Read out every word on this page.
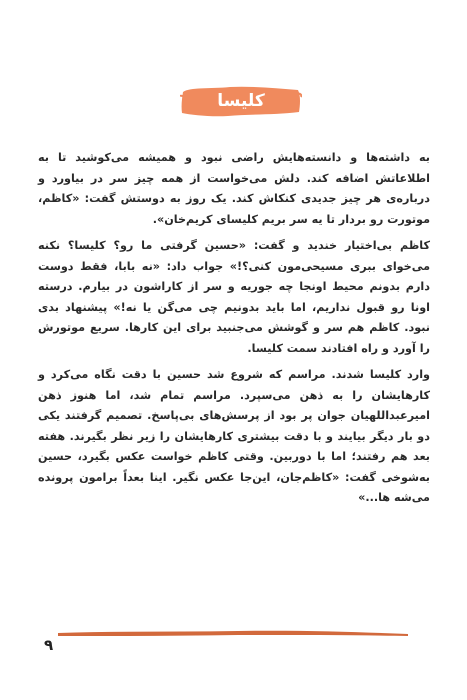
کلیسا

به داشته‌ها و دانسته‌هایش راضی نبود و همیشه می‌کوشید تا به اطلاعاتش اضافه کند. دلش می‌خواست از همه چیز سر در بیاورد و درباره‌ی هر چیز جدیدی کنکاش کند. یک روز به دوستش گفت: «کاظم، موتورت رو بردار تا یه سر بریم کلیسای کریم‌خان».

کاظم بی‌اختیار خندید و گفت: «حسین گرفتی ما رو؟ کلیسا؟ نکنه می‌خوای ببری مسیحی‌مون کنی؟!» جواب داد: «نه بابا، فقط دوست دارم بدونم محیط اونجا چه جوریه و سر از کاراشون در بیارم. درسته اونا رو قبول نداریم، اما باید بدونیم چی می‌گن یا نه!» پیشنهاد بدی نبود. کاظم هم سر و گوشش می‌جنبید برای این کارها. سریع موتورش را آورد و راه افتادند سمت کلیسا.

وارد کلیسا شدند. مراسم که شروع شد حسین با دقت نگاه می‌کرد و کارهایشان را به ذهن می‌سپرد. مراسم تمام شد، اما هنوز ذهن امیرعبداللهیان جوان پر بود از پرسش‌های بی‌پاسخ. تصمیم گرفتند یکی دو بار دیگر بیایند و با دقت بیشتری کارهایشان را زیر نظر بگیرند. هفته بعد هم رفتند؛ اما با دوربین. وقتی کاظم خواست عکس بگیرد، حسین به‌شوخی گفت: «کاظم‌جان، این‌جا عکس نگیر. اینا بعداً برامون پرونده می‌شه ها...»

۹
